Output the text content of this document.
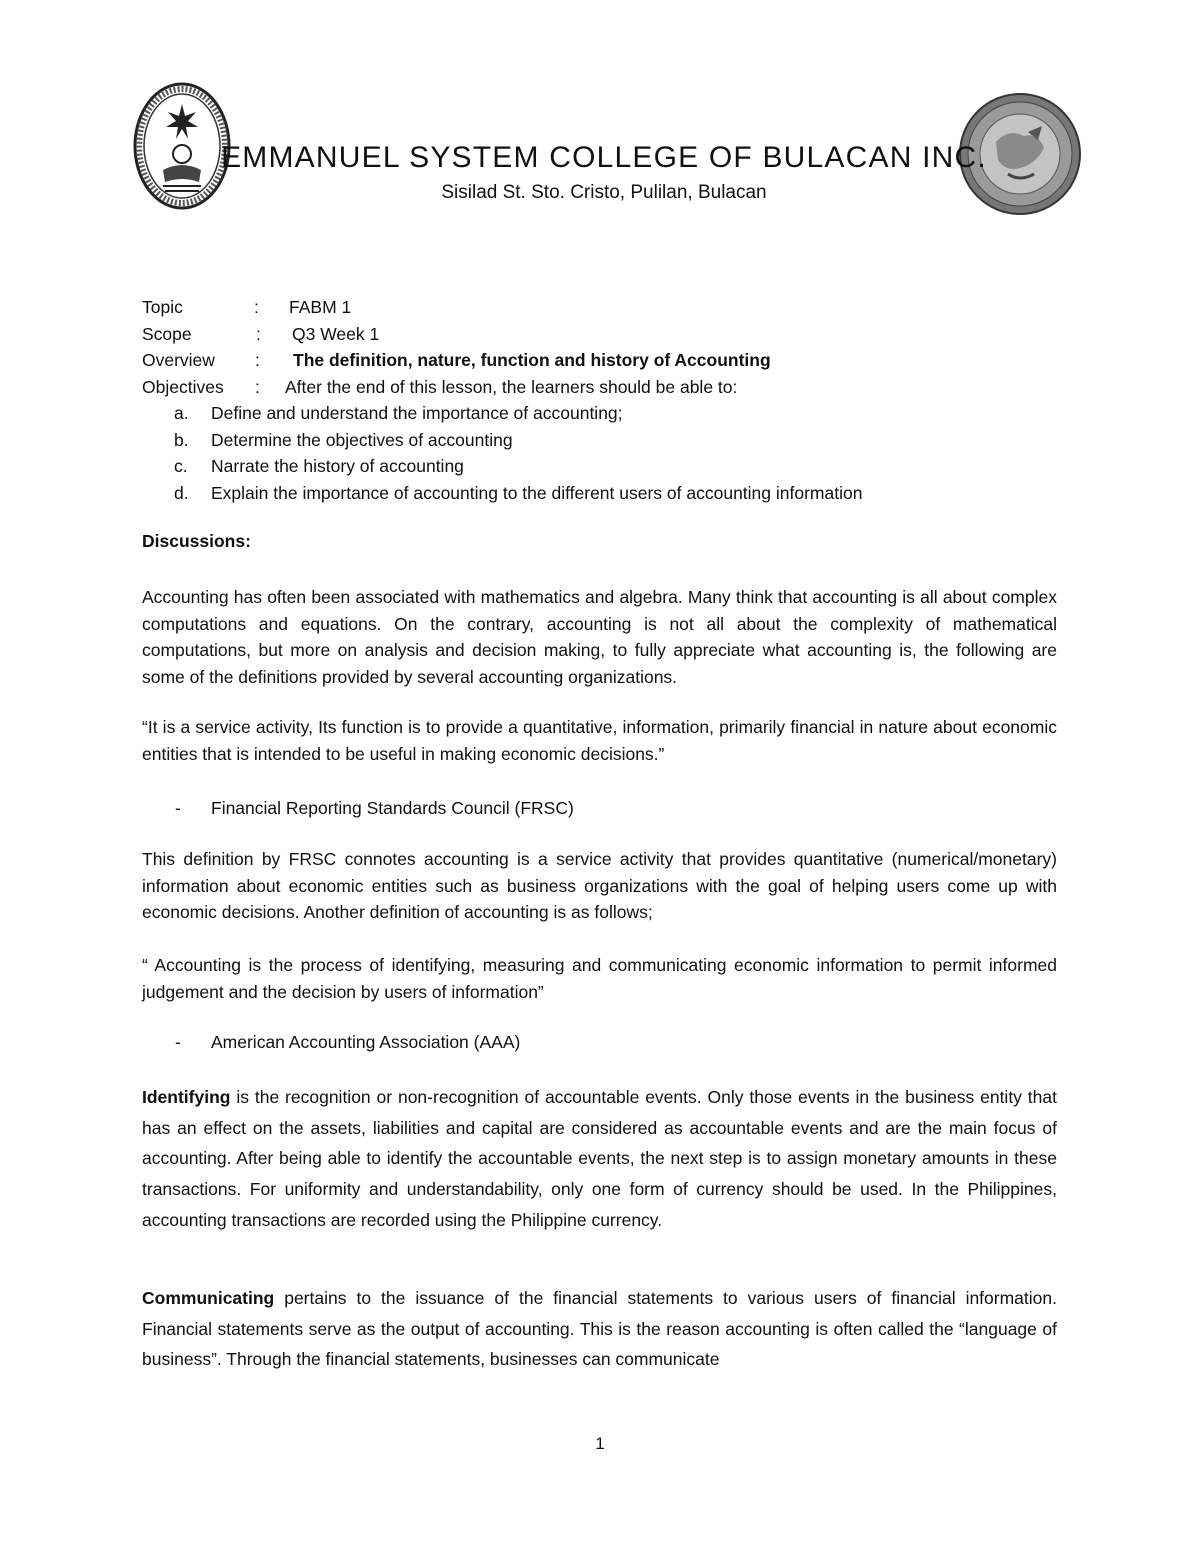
EMMANUEL SYSTEM COLLEGE OF BULACAN INC.

Sisilad St. Sto. Cristo, Pulilan, Bulacan

Topic	: FABM 1
Scope	: Q3 Week 1
Overview : The definition, nature, function and history of Accounting
Objectives : After the end of this lesson, the learners should be able to:
a. Define and understand the importance of accounting;
b. Determine the objectives of accounting
c. Narrate the history of accounting
d. Explain the importance of accounting to the different users of accounting information
Discussions:

Accounting has often been associated with mathematics and algebra. Many think that accounting is all about complex computations and equations. On the contrary, accounting is not all about the complexity of mathematical computations, but more on analysis and decision making, to fully appreciate what accounting is, the following are some of the definitions provided by several accounting organizations.

“It is a service activity, Its function is to provide a quantitative, information, primarily financial in nature about economic entities that is intended to be useful in making economic decisions.”

- Financial Reporting Standards Council (FRSC)

This definition by FRSC connotes accounting is a service activity that provides quantitative (numerical/monetary) information about economic entities such as business organizations with the goal of helping users come up with economic decisions. Another definition of accounting is as follows;

“ Accounting is the process of identifying, measuring and communicating economic information to permit informed judgement and the decision by users of information”

- American Accounting Association (AAA)

Identifying is the recognition or non-recognition of accountable events. Only those events in the business entity that has an effect on the assets, liabilities and capital are considered as accountable events and are the main focus of accounting. After being able to identify the accountable events, the next step is to assign monetary amounts in these transactions. For uniformity and understandability, only one form of currency should be used. In the Philippines, accounting transactions are recorded using the Philippine currency.

Communicating pertains to the issuance of the financial statements to various users of financial information. Financial statements serve as the output of accounting. This is the reason accounting is often called the “language of business”. Through the financial statements, businesses can communicate

1
